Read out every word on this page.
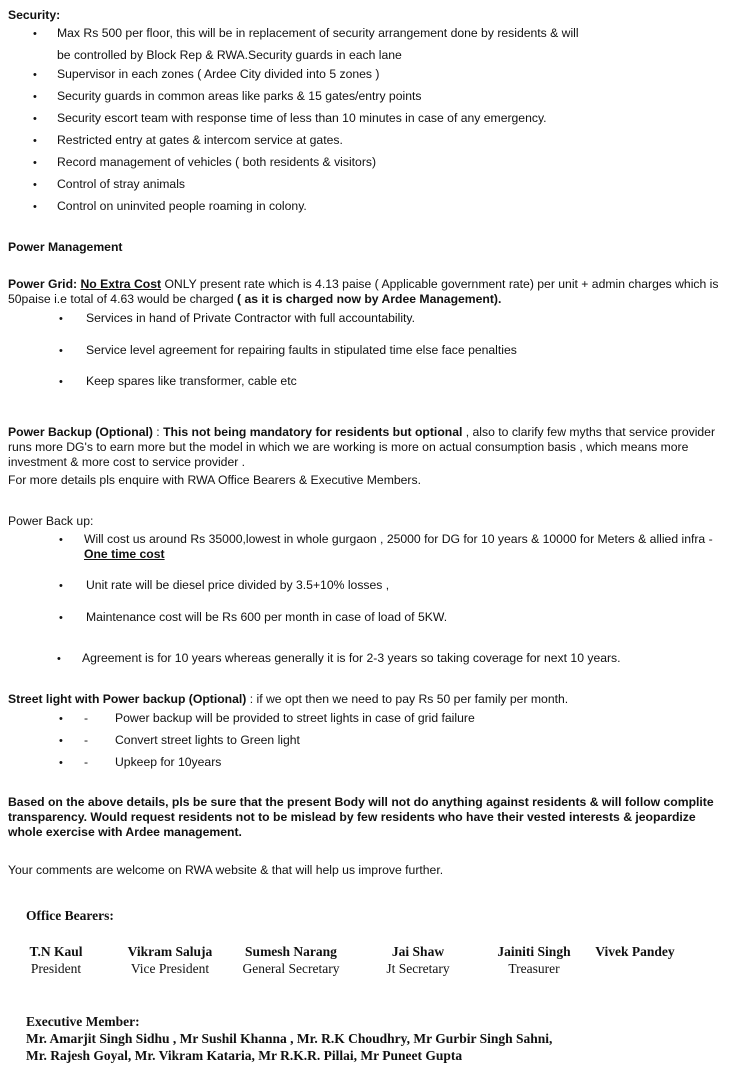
Security:
• Max Rs 500 per floor, this will be in replacement of security arrangement done by residents & will
be controlled by Block Rep & RWA.Security guards in each lane
• Supervisor in each zones ( Ardee City divided into 5 zones )
• Security guards in common areas like parks & 15 gates/entry points
• Security escort team with response time of less than 10 minutes in case of any emergency.
• Restricted entry at gates & intercom service at gates.
• Record management of vehicles ( both residents & visitors)
• Control of stray animals
• Control on uninvited people roaming in colony.
Power Management
Power Grid: No Extra Cost ONLY present rate which is 4.13 paise ( Applicable government rate) per unit + admin charges which is
50paise i.e total of 4.63 would be charged ( as it is charged now by Ardee Management).
• Services in hand of Private Contractor with full accountability.
• Service level agreement for repairing faults in stipulated time else face penalties
• Keep spares like transformer, cable etc
Power Backup (Optional) : This not being mandatory for residents but optional , also to clarify few myths that service provider
runs more DG's to earn more but the model in which we are working is more on actual consumption basis , which means more
investment & more cost to service provider .
For more details pls enquire with RWA Office Bearers & Executive Members.
Power Back up:
• Will cost us around Rs 35000,lowest in whole gurgaon , 25000 for DG for 10 years & 10000 for Meters & allied infra -
One time cost
• Unit rate will be diesel price divided by 3.5+10% losses ,
• Maintenance cost will be Rs 600 per month in case of load of 5KW.
• Agreement is for 10 years whereas generally it is for 2-3 years so taking coverage for next 10 years.
Street light with Power backup (Optional) : if we opt then we need to pay Rs 50 per family per month.
• - Power backup will be provided to street lights in case of grid failure
• - Convert street lights to Green light
• - Upkeep for 10years
Based on the above details, pls be sure that the present Body will not do anything against residents & will follow complite
transparency. Would request residents not to be mislead by few residents who have their vested interests & jeopardize
whole exercise with Ardee management.
Your comments are welcome on RWA website & that will help us improve further.
Office Bearers:
T.N Kaul
President
Vikram Saluja
Vice President
Sumesh Narang
General Secretary
Jai Shaw
Jt Secretary
Jainiti Singh
Treasurer
Vivek Pandey
Executive Member:
Mr. Amarjit Singh Sidhu , Mr Sushil Khanna , Mr. R.K Choudhry, Mr Gurbir Singh Sahni,
Mr. Rajesh Goyal, Mr. Vikram Kataria, Mr R.K.R. Pillai, Mr Puneet Gupta
